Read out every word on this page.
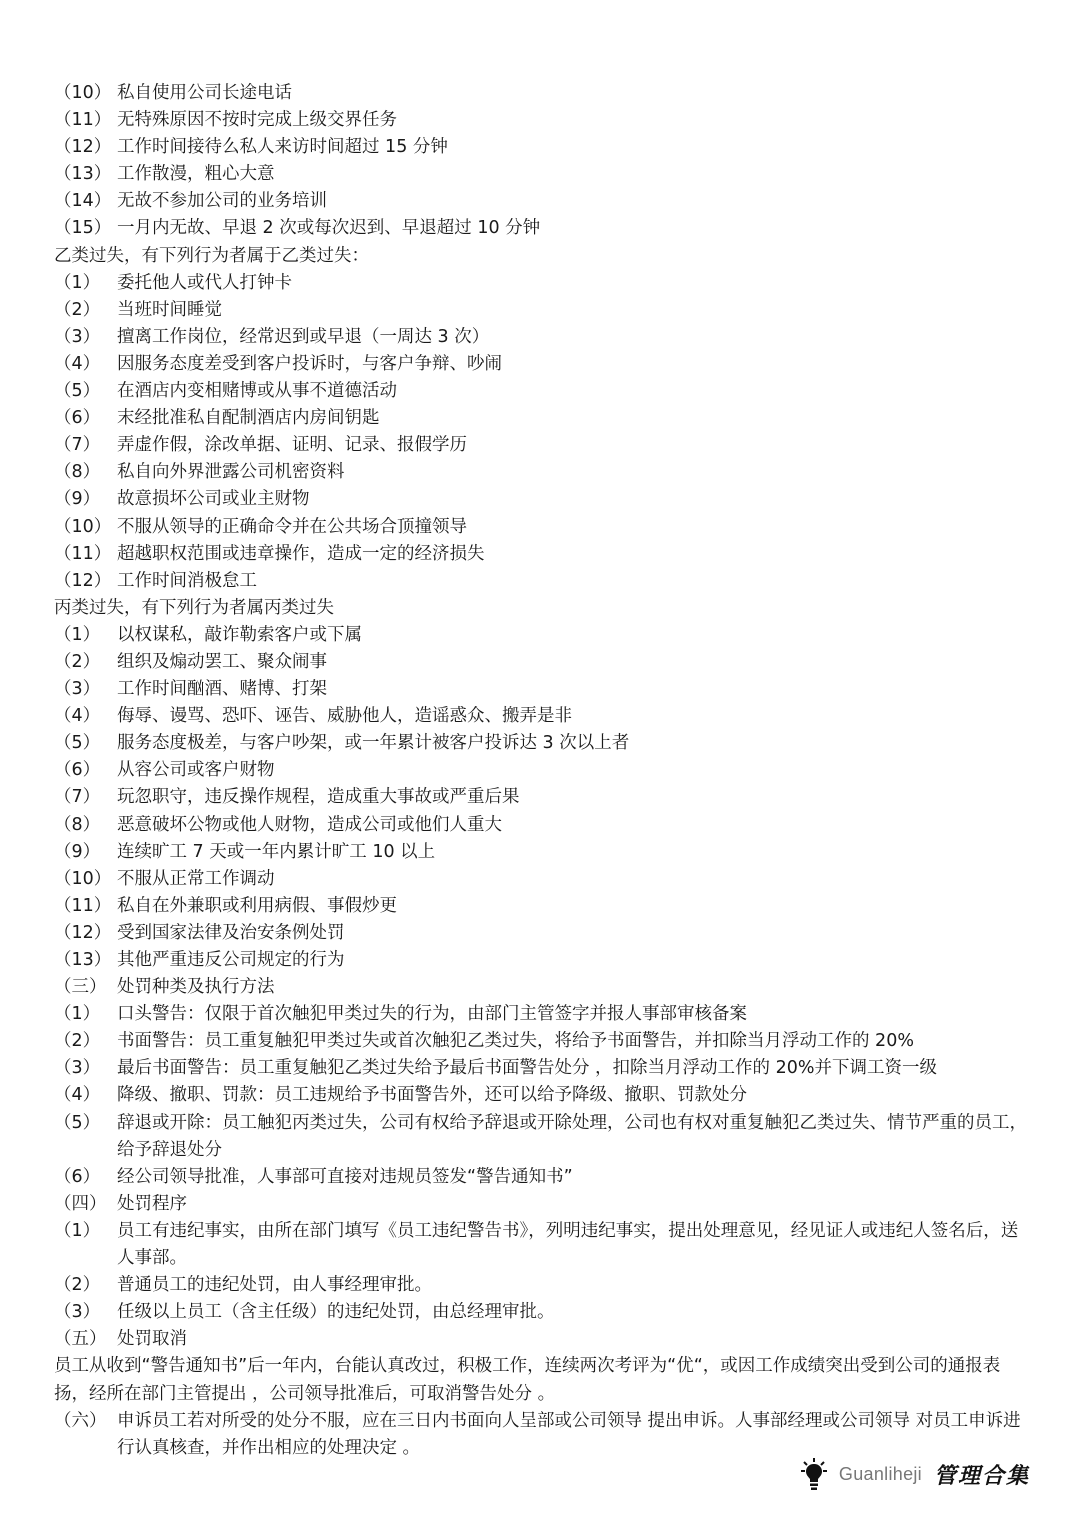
（10） 私自使用公司长途电话
（11） 无特殊原因不按时完成上级交界任务
（12） 工作时间接待么私人来访时间超过 15 分钟
（13） 工作散漫，粗心大意
（14） 无故不参加公司的业务培训
（15） 一月内无故、早退 2 次或每次迟到、早退超过 10 分钟
乙类过失，有下列行为者属于乙类过失：
（1） 委托他人或代人打钟卡
（2） 当班时间睡觉
（3） 擅离工作岗位，经常迟到或早退（一周达 3 次）
（4） 因服务态度差受到客户投诉时，与客户争辩、吵闹
（5） 在酒店内变相赌博或从事不道德活动
（6） 末经批准私自配制酒店内房间钥匙
（7） 弄虚作假，涂改单据、证明、记录、报假学历
（8） 私自向外界泄露公司机密资料
（9） 故意损坏公司或业主财物
（10） 不服从领导的正确命令并在公共场合顶撞领导
（11） 超越职权范围或违章操作，造成一定的经济损失
（12） 工作时间消极怠工
丙类过失，有下列行为者属丙类过失
（1） 以权谋私，敲诈勒索客户或下属
（2） 组织及煽动罢工、聚众闹事
（3） 工作时间酗酒、赌博、打架
（4） 侮辱、谩骂、恐吓、诬告、威胁他人，造谣惑众、搬弄是非
（5） 服务态度极差，与客户吵架，或一年累计被客户投诉达 3 次以上者
（6） 从容公司或客户财物
（7） 玩忽职守，违反操作规程，造成重大事故或严重后果
（8） 恶意破坏公物或他人财物，造成公司或他们人重大
（9） 连续旷工 7 天或一年内累计旷工 10 以上
（10） 不服从正常工作调动
（11） 私自在外兼职或利用病假、事假炒更
（12） 受到国家法律及治安条例处罚
（13） 其他严重违反公司规定的行为
（三） 处罚种类及执行方法
（1） 口头警告：仅限于首次触犯甲类过失的行为，由部门主管签字并报人事部审核备案
（2） 书面警告：员工重复触犯甲类过失或首次触犯乙类过失，将给予书面警告，并扣除当月浮动工作的 20%
（3） 最后书面警告：员工重复触犯乙类过失给予最后书面警告处分 ，扣除当月浮动工作的 20%并下调工资一级
（4） 降级、撤职、罚款：员工违规给予书面警告外，还可以给予降级、撤职、罚款处分
（5） 辞退或开除：员工触犯丙类过失，公司有权给予辞退或开除处理，公司也有权对重复触犯乙类过失、情节严重的员工，给予辞退处分
（6） 经公司领导批准，人事部可直接对违规员签发“警告通知书”
（四） 处罚程序
（1） 员工有违纪事实，由所在部门填写《员工违纪警告书》，列明违纪事实，提出处理意见，经见证人或违纪人签名后，送人事部。
（2） 普通员工的违纪处罚，由人事经理审批。
（3） 任级以上员工（含主任级）的违纪处罚，由总经理审批。
（五） 处罚取消
员工从收到“警告通知书”后一年内，台能认真改过，积极工作，连续两次考评为“优“，或因工作成绩突出受到公司的通报表扬，经所在部门主管提出 ，公司领导批准后，可取消警告处分 。
（六） 申诉员工若对所受的处分不服，应在三日内书面向人呈部或公司领导 提出申诉。人事部经理或公司领导 对员工申诉进行认真核查，并作出相应的处理决定 。
Guanliheji 管理合集
